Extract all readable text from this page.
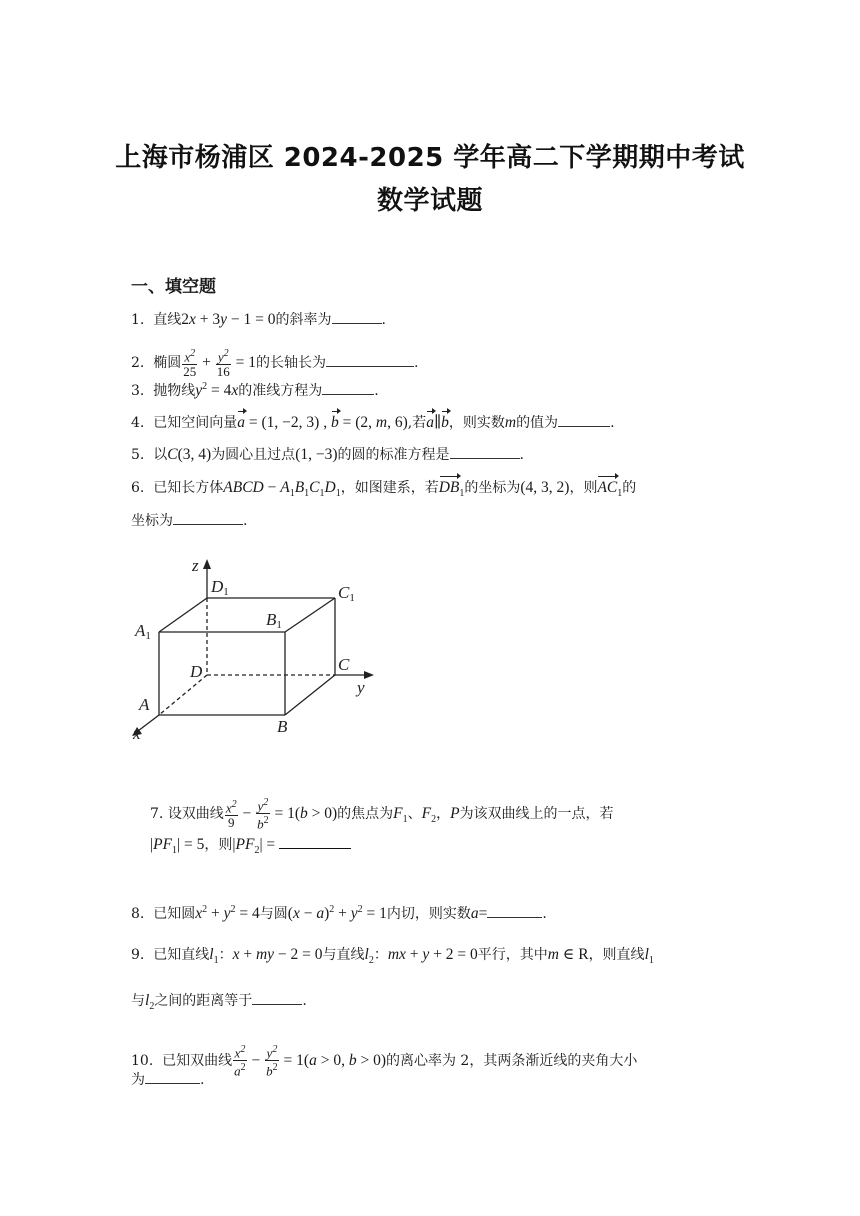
上海市杨浦区 2024-2025 学年高二下学期期中考试
数学试题
一、填空题
1. 直线2x + 3y − 1 = 0的斜率为	.
2. 椭圆 $\frac{x^2}{25} + \frac{y^2}{16} = 1$的长轴长为	.
3. 抛物线$y^2 = 4x$的准线方程为	.
4. 已知空间向量a = (1, −2, 3) , b = (2, m, 6),若a∥b，则实数m的值为	.
5. 以C(3, 4)为圆心且过点(1, −3)的圆的标准方程是	.
6. 已知长方体ABCD − $A_1B_1C_1D_1$，如图建系，若$DB_1$的坐标为(4, 3, 2)，则$AC_1$的
坐标为	.
z
D1	C1
B1
A1
D	C
y
A
B
x
7. 设双曲线 $\frac{x^2}{9} - \frac{y^2}{b^2} = 1(b > 0)$的焦点为$F_1$、$F_2$，P为该双曲线上的一点，若
$|PF_1| = 5$，则$|PF_2|$ =
8. 已知圆$x^2 + y^2 = 4$与圆$(x - a)^2 + y^2 = 1$内切，则实数a=	.
9. 已知直线$l_1$：x + my − 2 = 0与直线$l_2$：mx + y + 2 = 0平行，其中m ∈ R，则直线$l_1$
与$l_2$之间的距离等于	.
10. 已知双曲线 $\frac{x^2}{a^2} - \frac{y^2}{b^2} = 1(a > 0$, b > 0)的离心率为 2，其两条渐近线的夹角大小
为	.
